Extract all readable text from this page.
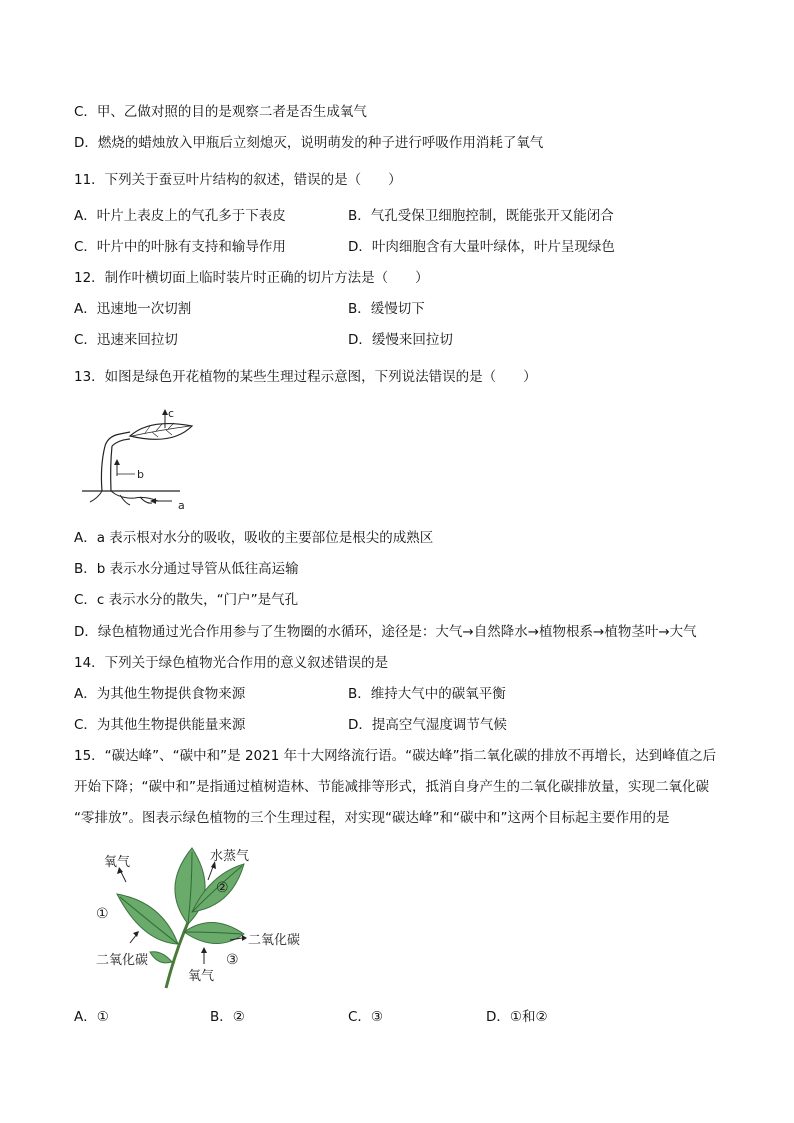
C．甲、乙做对照的目的是观察二者是否生成氧气
D．燃烧的蜡烛放入甲瓶后立刻熄灭，说明萌发的种子进行呼吸作用消耗了氧气
11．下列关于蚕豆叶片结构的叙述，错误的是（　　）
A．叶片上表皮上的气孔多于下表皮	B．气孔受保卫细胞控制，既能张开又能闭合
C．叶片中的叶脉有支持和输导作用	D．叶肉细胞含有大量叶绿体，叶片呈现绿色
12．制作叶横切面上临时装片时正确的切片方法是（　　）
A．迅速地一次切割	B．缓慢切下
C．迅速来回拉切	D．缓慢来回拉切
13．如图是绿色开花植物的某些生理过程示意图，下列说法错误的是（　　）
c
b
a
A．a 表示根对水分的吸收，吸收的主要部位是根尖的成熟区
B．b 表示水分通过导管从低往高运输
C．c 表示水分的散失，“门户”是气孔
D．绿色植物通过光合作用参与了生物圈的水循环，途径是：大气→自然降水→植物根系→植物茎叶→大气
14．下列关于绿色植物光合作用的意义叙述错误的是
A．为其他生物提供食物来源	B．维持大气中的碳氧平衡
C．为其他生物提供能量来源	D．提高空气湿度调节气候
15．“碳达峰”、“碳中和”是 2021 年十大网络流行语。“碳达峰”指二氧化碳的排放不再增长，达到峰值之后
开始下降；“碳中和”是指通过植树造林、节能减排等形式，抵消自身产生的二氧化碳排放量，实现二氧化碳
“零排放”。图表示绿色植物的三个生理过程，对实现“碳达峰”和“碳中和”这两个目标起主要作用的是
氧气	水蒸气
①
②
二氧化碳
二氧化碳
③
氧气
A．①	B．②	C．③	D．①和②
